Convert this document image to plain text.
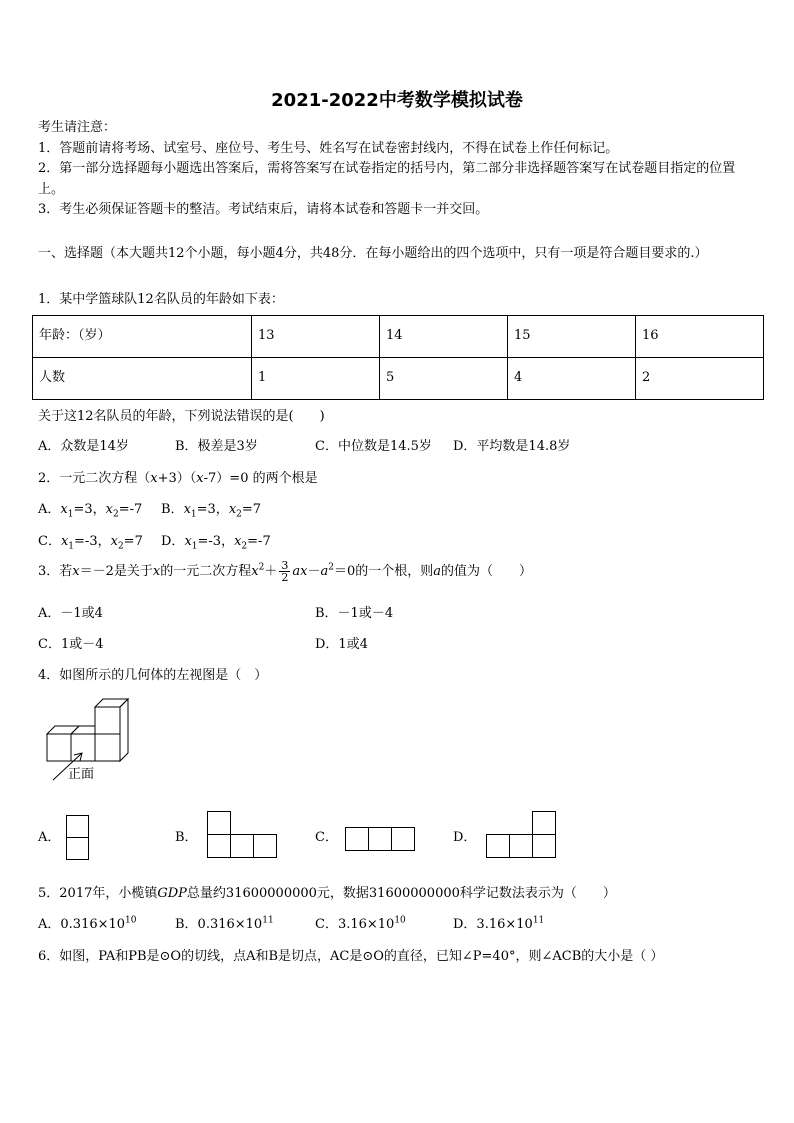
2021-2022中考数学模拟试卷
考生请注意：
1．答题前请将考场、试室号、座位号、考生号、姓名写在试卷密封线内，不得在试卷上作任何标记。
2．第一部分选择题每小题选出答案后，需将答案写在试卷指定的括号内，第二部分非选择题答案写在试卷题目指定的位置上。
3．考生必须保证答题卡的整洁。考试结束后，请将本试卷和答题卡一并交回。
一、选择题（本大题共12个小题，每小题4分，共48分．在每小题给出的四个选项中，只有一项是符合题目要求的.）
1．某中学篮球队12名队员的年龄如下表：
年龄：（岁）	13	14	15	16
人数	1	5	4	2
关于这12名队员的年龄，下列说法错误的是(　　)
A．众数是14岁	B．极差是3岁	C．中位数是14.5岁 D．平均数是14.8岁
2．一元二次方程（x+3）（x-7）=0 的两个根是
A．$x_1=3$，$x_2=-7$ B．$x_1=3$，$x_2=7$
C．$x_1=-3$，$x_2=7$ D．$x_1=-3$，$x_2=-7$
3．若x＝－2是关于x的一元二次方程$x^2+ \frac{3}{2} ax-a^2=0$的一个根，则a的值为（　　）
A．－1或4	B．－1或－4
C．1或－4	D．1或4
4．如图所示的几何体的左视图是（　）
正面
A．	B．	C．	D．
5．2017年，小榄镇GDP总量约31600000000元，数据31600000000科学记数法表示为（　　）
A．$0.316\times 10^{10}$	B．$0.316\times 10^{11}$	C．$3.16\times 10^{10}$	D．$3.16\times 10^{11}$
6．如图，PA和PB是⊙O的切线，点A和B是切点，AC是⊙O的直径，已知∠P=40°，则∠ACB的大小是（ ）
